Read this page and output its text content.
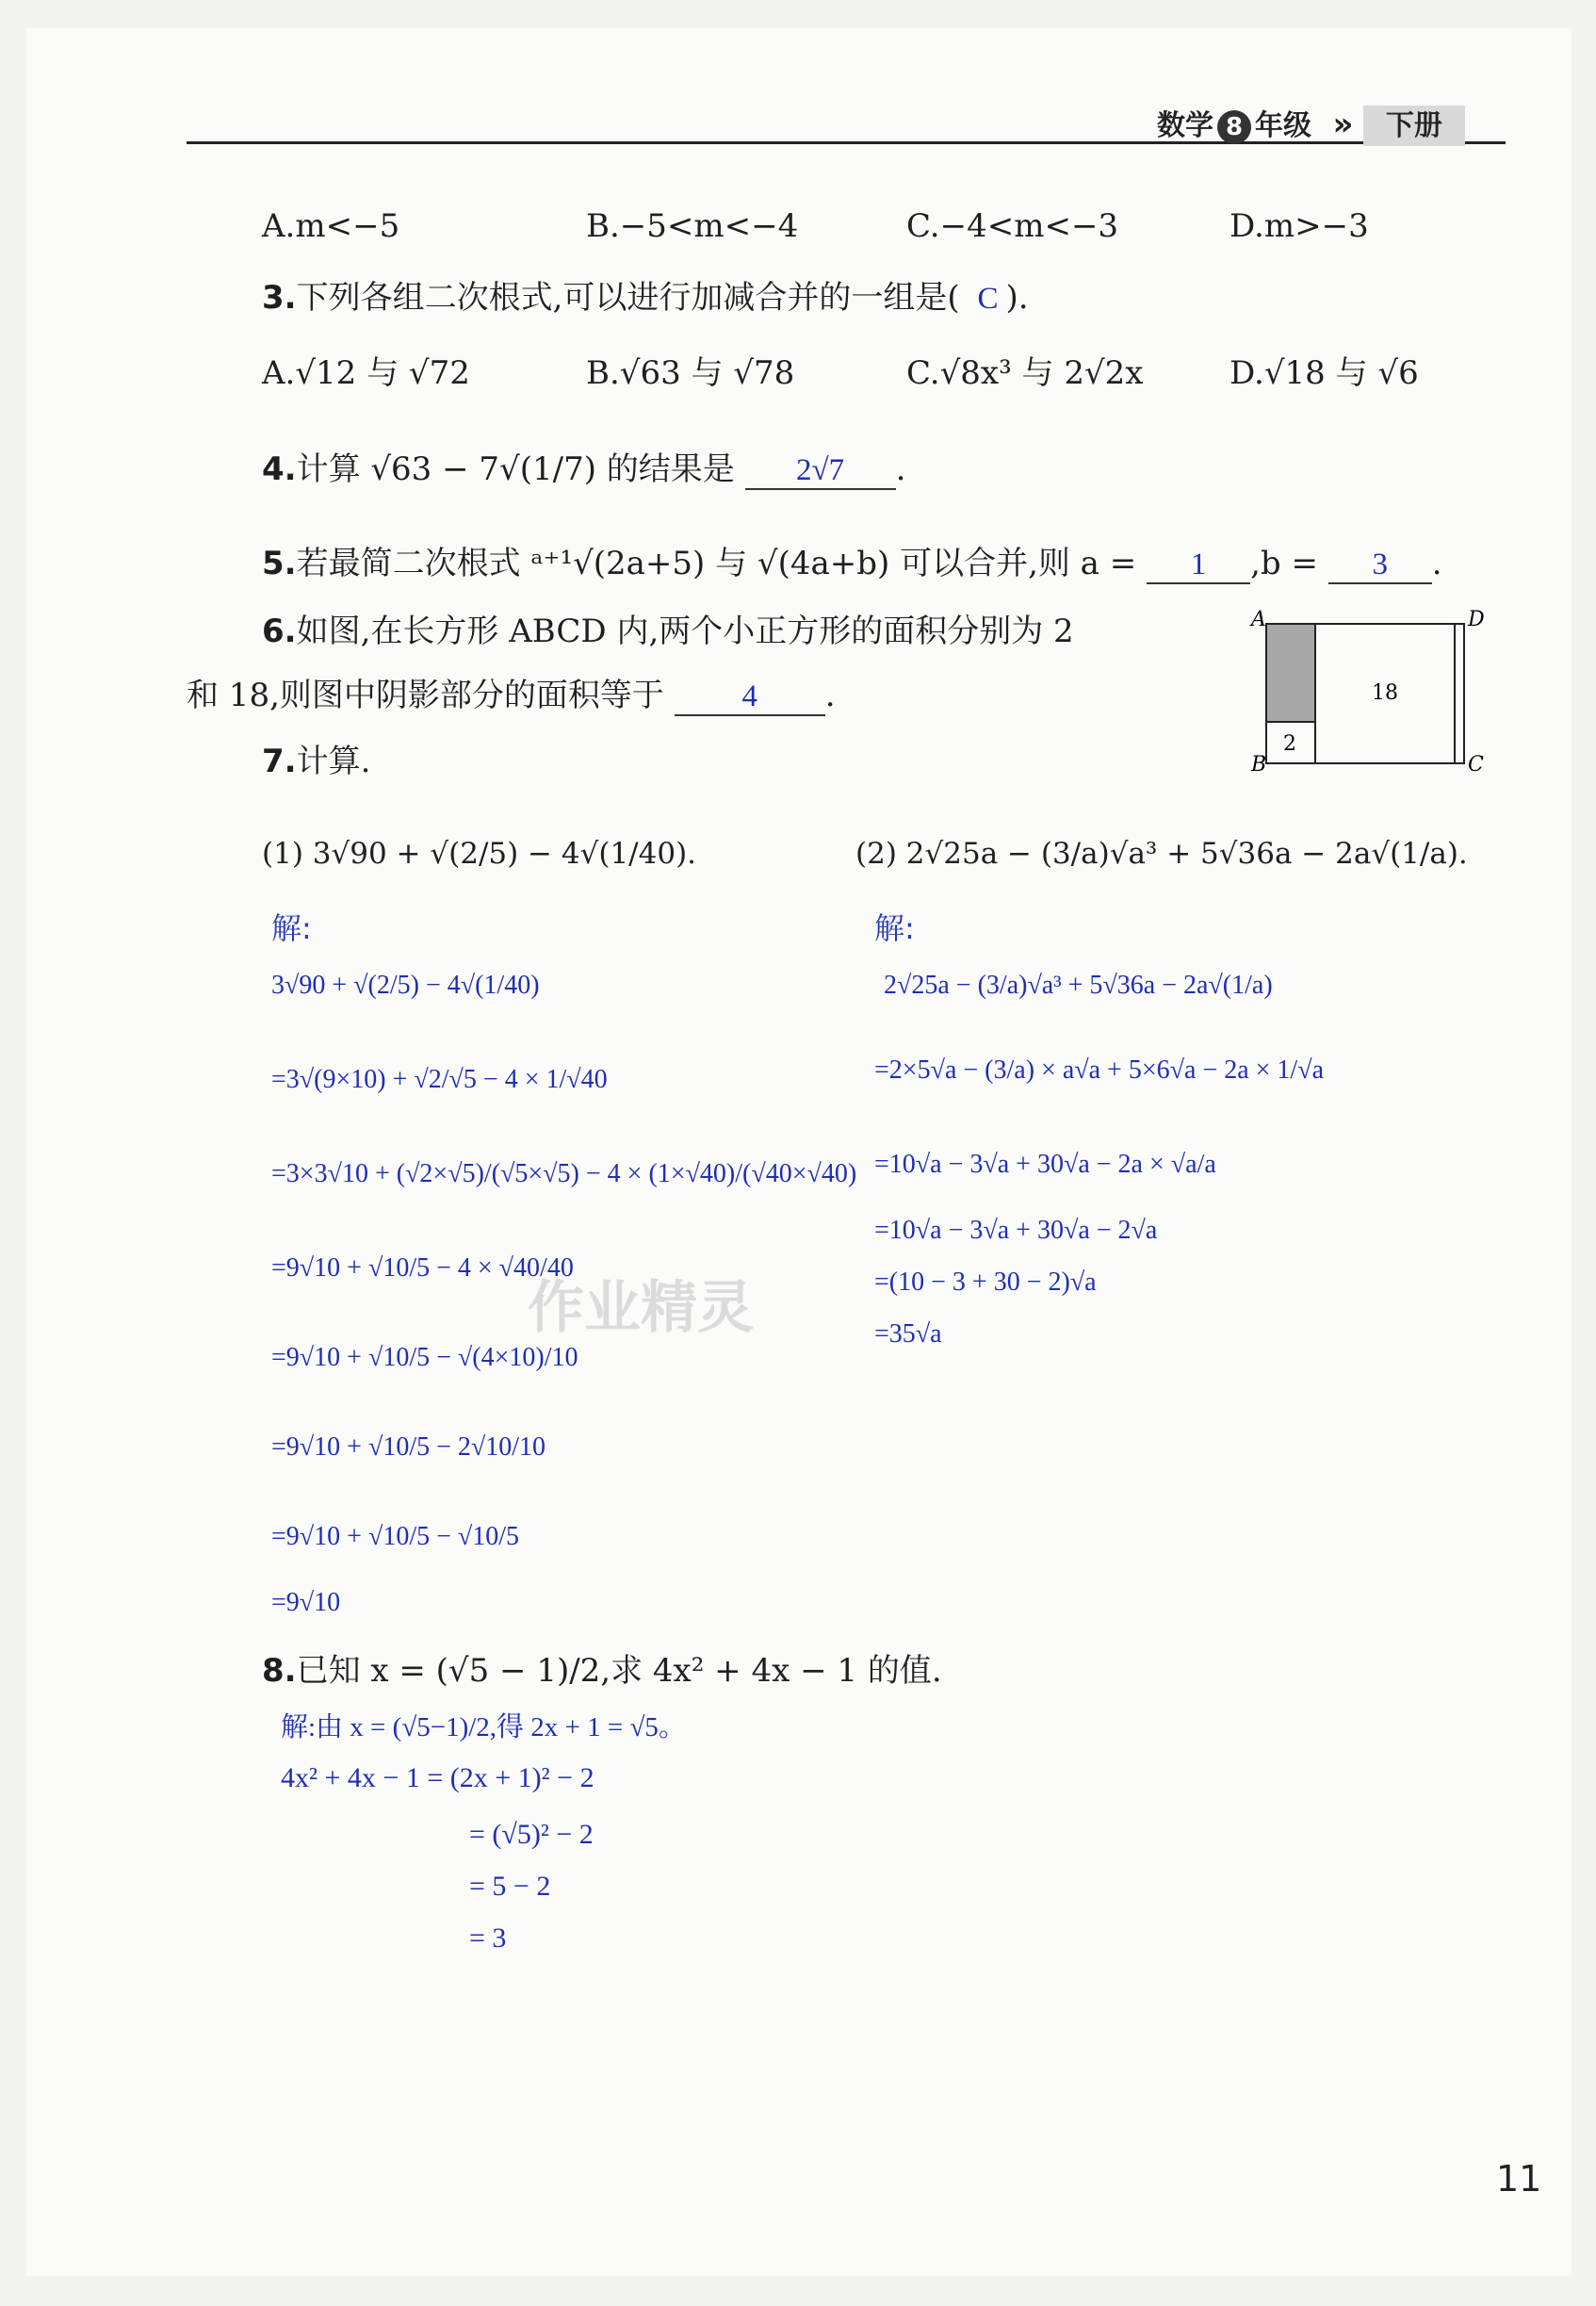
数学 8 年级 » 下册
A.m<−5	B.−5<m<−4	C.−4<m<−3	D.m>−3
3.下列各组二次根式,可以进行加减合并的一组是( C ).
A.√12 与 √72	B.√63 与 √78	C.√8x³ 与 2√2x	D.√18 与 √6
4.计算 √63 − 7√(1/7) 的结果是 2√7 .
5.若最简二次根式 ᵃ⁺¹√(2a+5) 与 √(4a+b) 可以合并,则 a = 1 ,b = 3 .
6.如图,在长方形 ABCD 内,两个小正方形的面积分别为 2
和 18,则图中阴影部分的面积等于	4 .
A
B	C
D
18
2
7.计算.
(1) 3√90 + √(2/5) − 4√(1/40).	(2) 2√25a − (3/a)√a³ + 5√36a − 2a√(1/a).
解:	解:
3√90 + √(2/5) − 4√(1/40)
=3√(9×10) + √2/√5 − 4 × 1/√40
=3×3√10 + (√2×√5)/(√5×√5) − 4 × (1×√40)/(√40×√40)
=9√10 + √10/5 − 4 × √40/40
=9√10 + √10/5 − √(4×10)/10
=9√10 + √10/5 − 2√10/10
=9√10 + √10/5 − √10/5
=9√10
2√25a − (3/a)√a³ + 5√36a − 2a√(1/a)
=2×5√a − (3/a) × a√a + 5×6√a − 2a × 1/√a
=10√a − 3√a + 30√a − 2a × √a/a
=10√a − 3√a + 30√a − 2√a
=(10 − 3 + 30 − 2)√a
=35√a
8.已知 x = (√5 − 1)/2,求 4x² + 4x − 1 的值.
解:由 x = (√5−1)/2,得 2x + 1 = √5。
4x² + 4x − 1 = (2x + 1)² − 2
= (√5)² − 2
= 5 − 2
= 3
作业精灵
11
